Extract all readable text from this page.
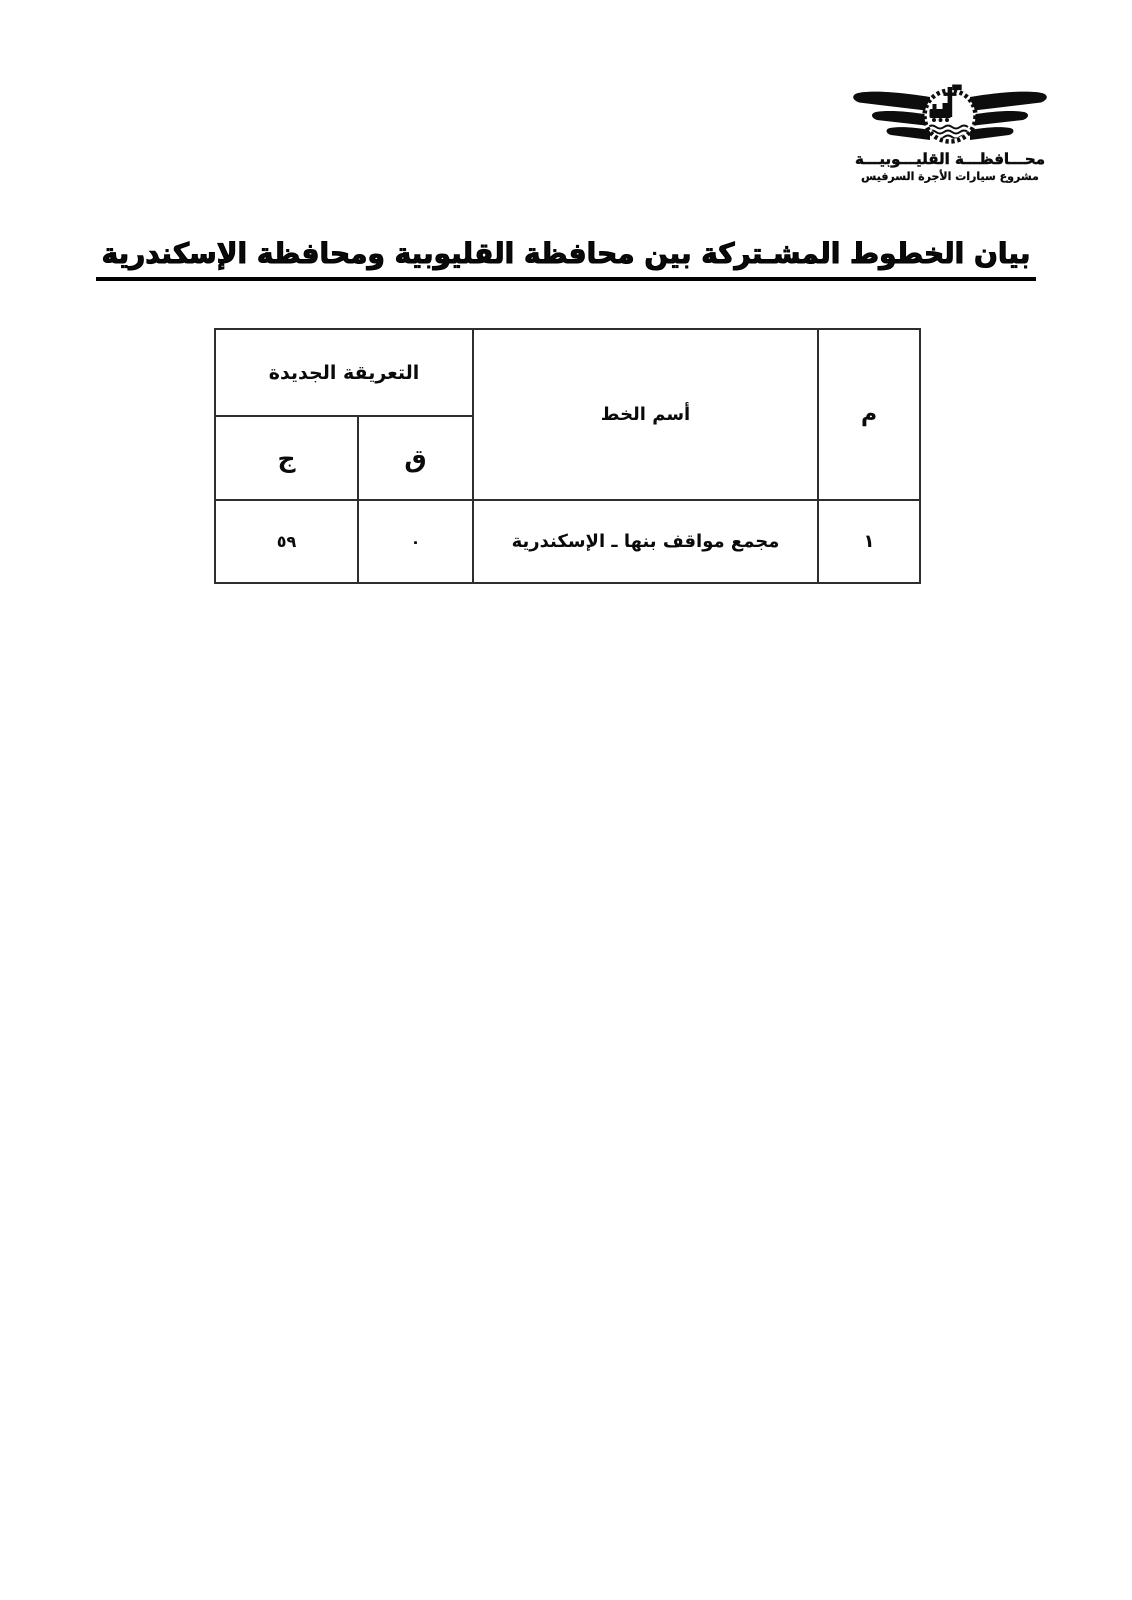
محـــافظـــة القليـــوبيـــة
مشروع سيارات الأجرة السرفيس
بيان الخطوط المشـتركة بين محافظة القليوبية ومحافظة الإسكندرية
م	أسم الخط	التعريقة الجديدة	
		ق	ج
١	مجمع مواقف بنها ـ الإسكندرية	٠	٥٩
